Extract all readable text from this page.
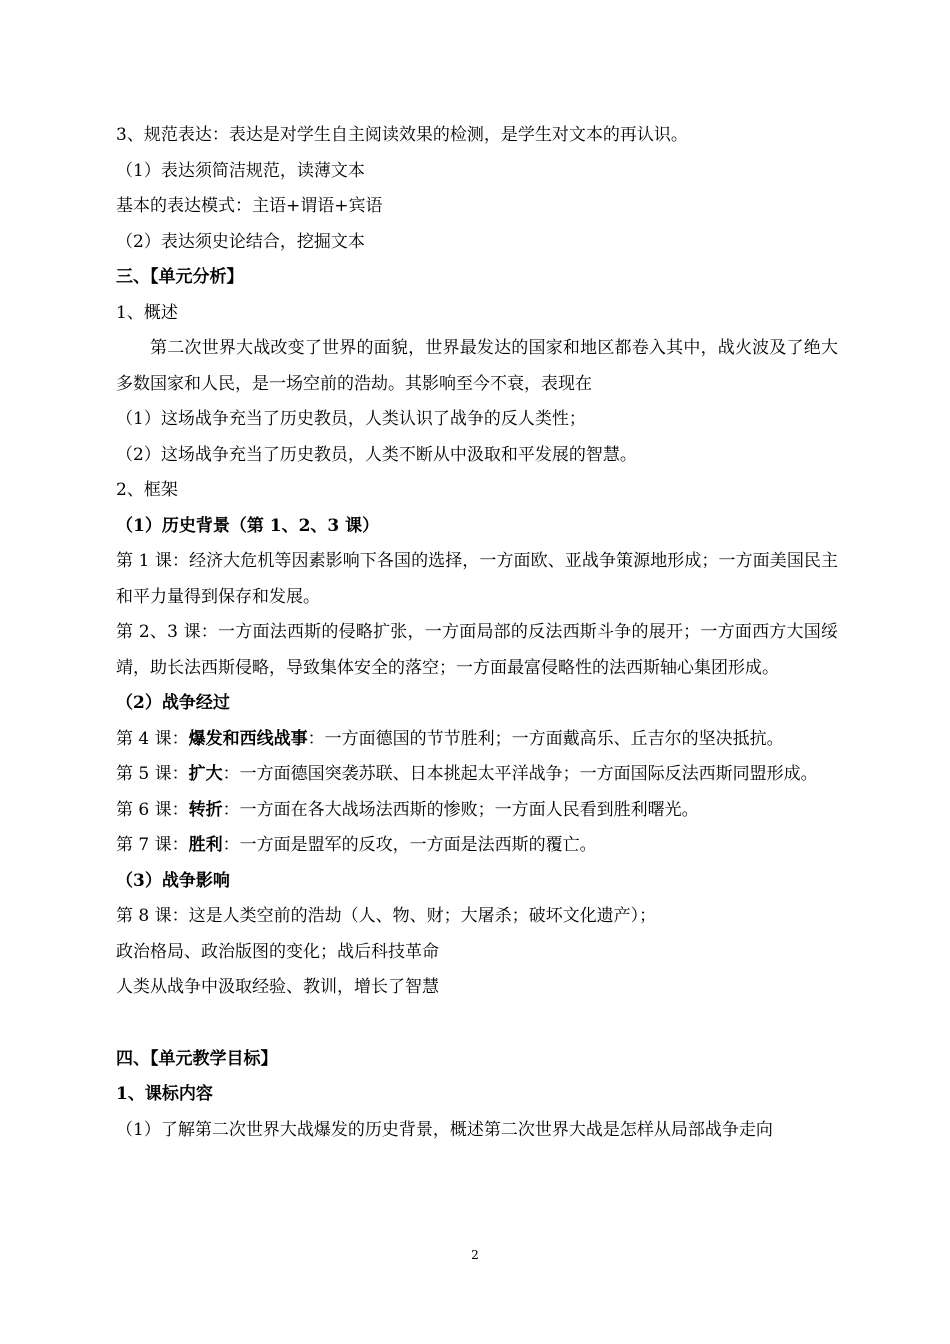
3、规范表达：表达是对学生自主阅读效果的检测，是学生对文本的再认识。
（1）表达须简洁规范，读薄文本
基本的表达模式：主语+谓语+宾语
（2）表达须史论结合，挖掘文本
三、【单元分析】
1、概述
第二次世界大战改变了世界的面貌，世界最发达的国家和地区都卷入其中，战火波及了绝大多数国家和人民，是一场空前的浩劫。其影响至今不衰，表现在
（1）这场战争充当了历史教员，人类认识了战争的反人类性；
（2）这场战争充当了历史教员，人类不断从中汲取和平发展的智慧。
2、框架
（1）历史背景（第 1、2、3 课）
第 1 课：经济大危机等因素影响下各国的选择，一方面欧、亚战争策源地形成；一方面美国民主和平力量得到保存和发展。
第 2、3 课：一方面法西斯的侵略扩张，一方面局部的反法西斯斗争的展开；一方面西方大国绥靖，助长法西斯侵略，导致集体安全的落空；一方面最富侵略性的法西斯轴心集团形成。
（2）战争经过
第 4 课：爆发和西线战事：一方面德国的节节胜利；一方面戴高乐、丘吉尔的坚决抵抗。
第 5 课：扩大：一方面德国突袭苏联、日本挑起太平洋战争；一方面国际反法西斯同盟形成。
第 6 课：转折：一方面在各大战场法西斯的惨败；一方面人民看到胜利曙光。
第 7 课：胜利：一方面是盟军的反攻，一方面是法西斯的覆亡。
（3）战争影响
第 8 课：这是人类空前的浩劫（人、物、财；大屠杀；破坏文化遗产）；
政治格局、政治版图的变化；战后科技革命
人类从战争中汲取经验、教训，增长了智慧
四、【单元教学目标】
1、课标内容
（1）了解第二次世界大战爆发的历史背景，概述第二次世界大战是怎样从局部战争走向
2
